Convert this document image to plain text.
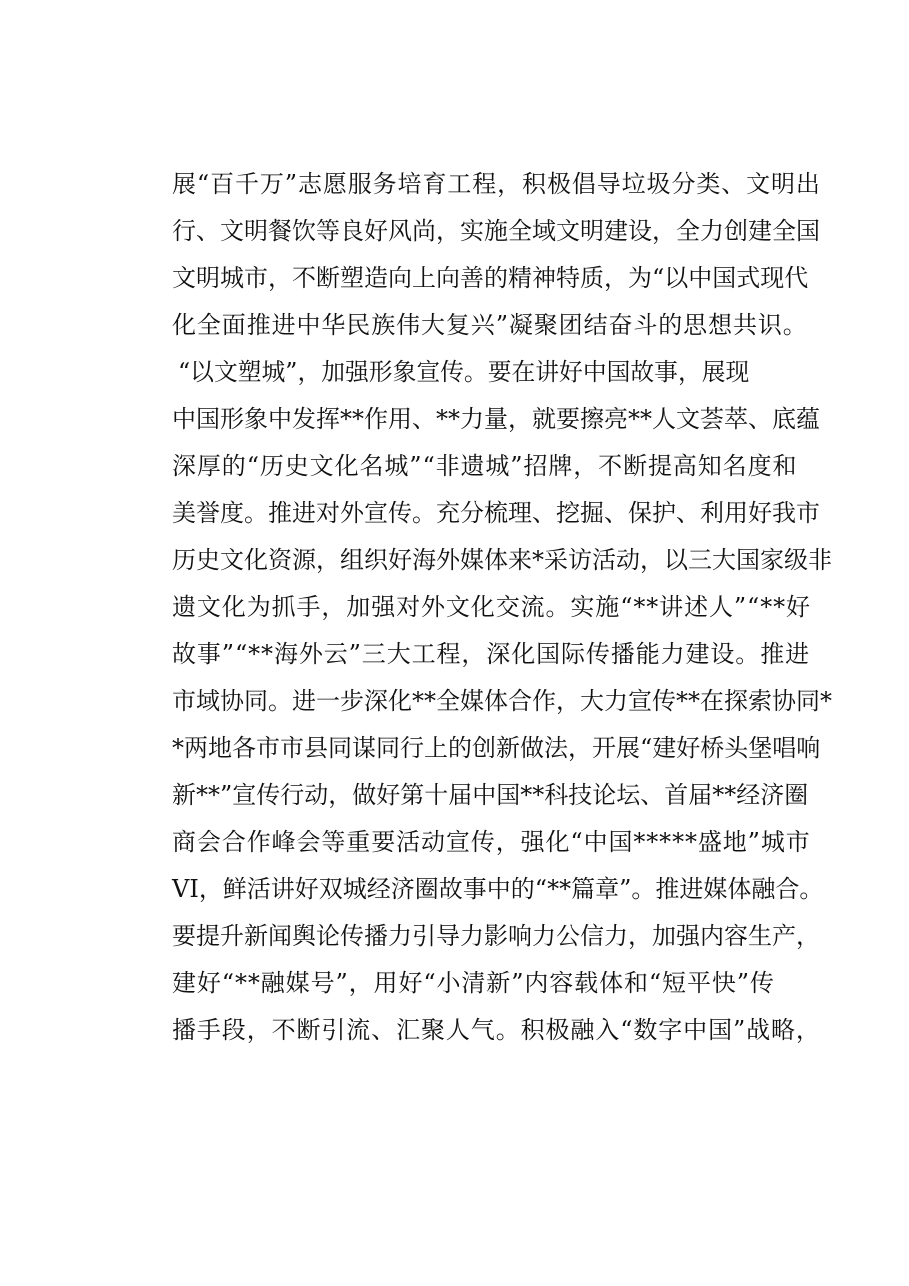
展“百千万”志愿服务培育工程，积极倡导垃圾分类、文明出
行、文明餐饮等良好风尚，实施全域文明建设，全力创建全国
文明城市，不断塑造向上向善的精神特质，为“以中国式现代
化全面推进中华民族伟大复兴”凝聚团结奋斗的思想共识。
“以文塑城”，加强形象宣传。要在讲好中国故事，展现
中国形象中发挥**作用、**力量，就要擦亮**人文荟萃、底蕴
深厚的“历史文化名城”“非遗城”招牌，不断提高知名度和
美誉度。推进对外宣传。充分梳理、挖掘、保护、利用好我市
历史文化资源，组织好海外媒体来*采访活动，以三大国家级非
遗文化为抓手，加强对外文化交流。实施“**讲述人”“**好
故事”“**海外云”三大工程，深化国际传播能力建设。推进
市域协同。进一步深化**全媒体合作，大力宣传**在探索协同*
*两地各市市县同谋同行上的创新做法，开展“建好桥头堡唱响
新**”宣传行动，做好第十届中国**科技论坛、首届**经济圈
商会合作峰会等重要活动宣传，强化“中国*****盛地”城市
VI，鲜活讲好双城经济圈故事中的“**篇章”。推进媒体融合。
要提升新闻舆论传播力引导力影响力公信力，加强内容生产，
建好“**融媒号”，用好“小清新”内容载体和“短平快”传
播手段，不断引流、汇聚人气。积极融入“数字中国”战略，
